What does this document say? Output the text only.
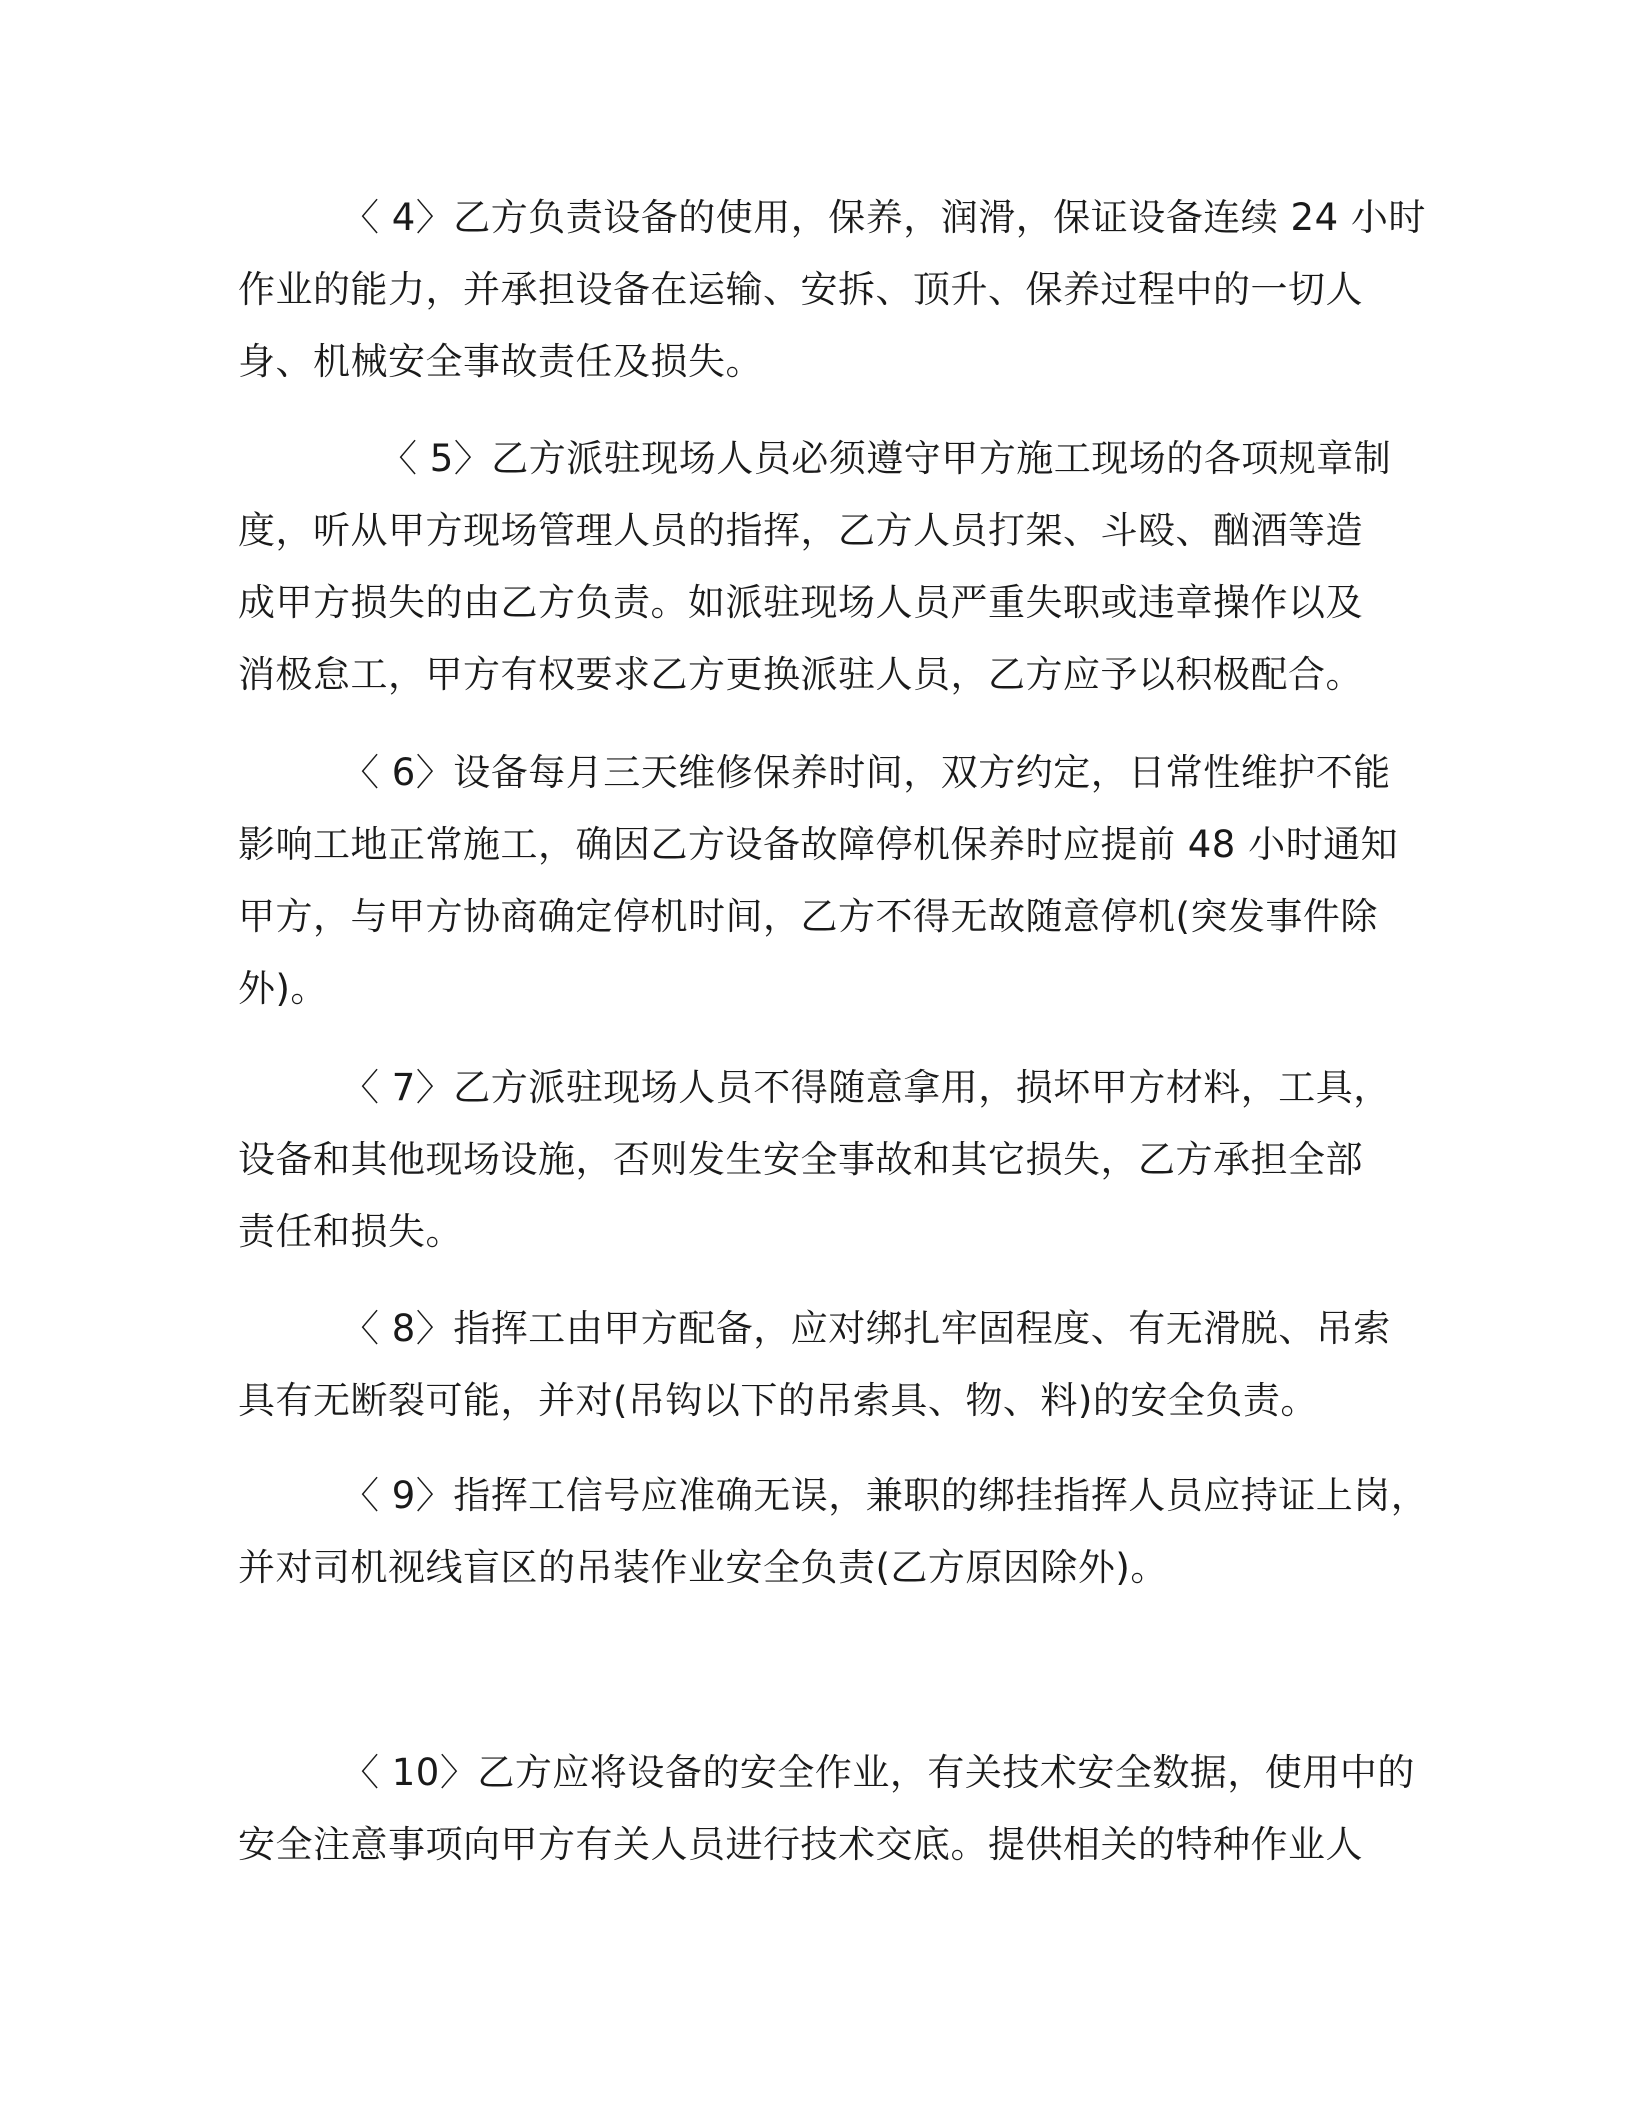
〈 4〉乙方负责设备的使用，保养，润滑，保证设备连续 24 小时
作业的能力，并承担设备在运输、安拆、顶升、保养过程中的一切人
身、机械安全事故责任及损失。
〈 5〉乙方派驻现场人员必须遵守甲方施工现场的各项规章制
度，听从甲方现场管理人员的指挥，乙方人员打架、斗殴、酗酒等造
成甲方损失的由乙方负责。如派驻现场人员严重失职或违章操作以及
消极怠工，甲方有权要求乙方更换派驻人员，乙方应予以积极配合。
〈 6〉设备每月三天维修保养时间，双方约定，日常性维护不能
影响工地正常施工，确因乙方设备故障停机保养时应提前 48 小时通知
甲方，与甲方协商确定停机时间，乙方不得无故随意停机(突发事件除
外)。
〈 7〉乙方派驻现场人员不得随意拿用，损坏甲方材料，工具，
设备和其他现场设施，否则发生安全事故和其它损失，乙方承担全部
责任和损失。
〈 8〉指挥工由甲方配备，应对绑扎牢固程度、有无滑脱、吊索
具有无断裂可能，并对(吊钩以下的吊索具、物、料)的安全负责。
〈 9〉指挥工信号应准确无误，兼职的绑挂指挥人员应持证上岗，
并对司机视线盲区的吊装作业安全负责(乙方原因除外)。
〈 10〉乙方应将设备的安全作业，有关技术安全数据，使用中的
安全注意事项向甲方有关人员进行技术交底。提供相关的特种作业人
